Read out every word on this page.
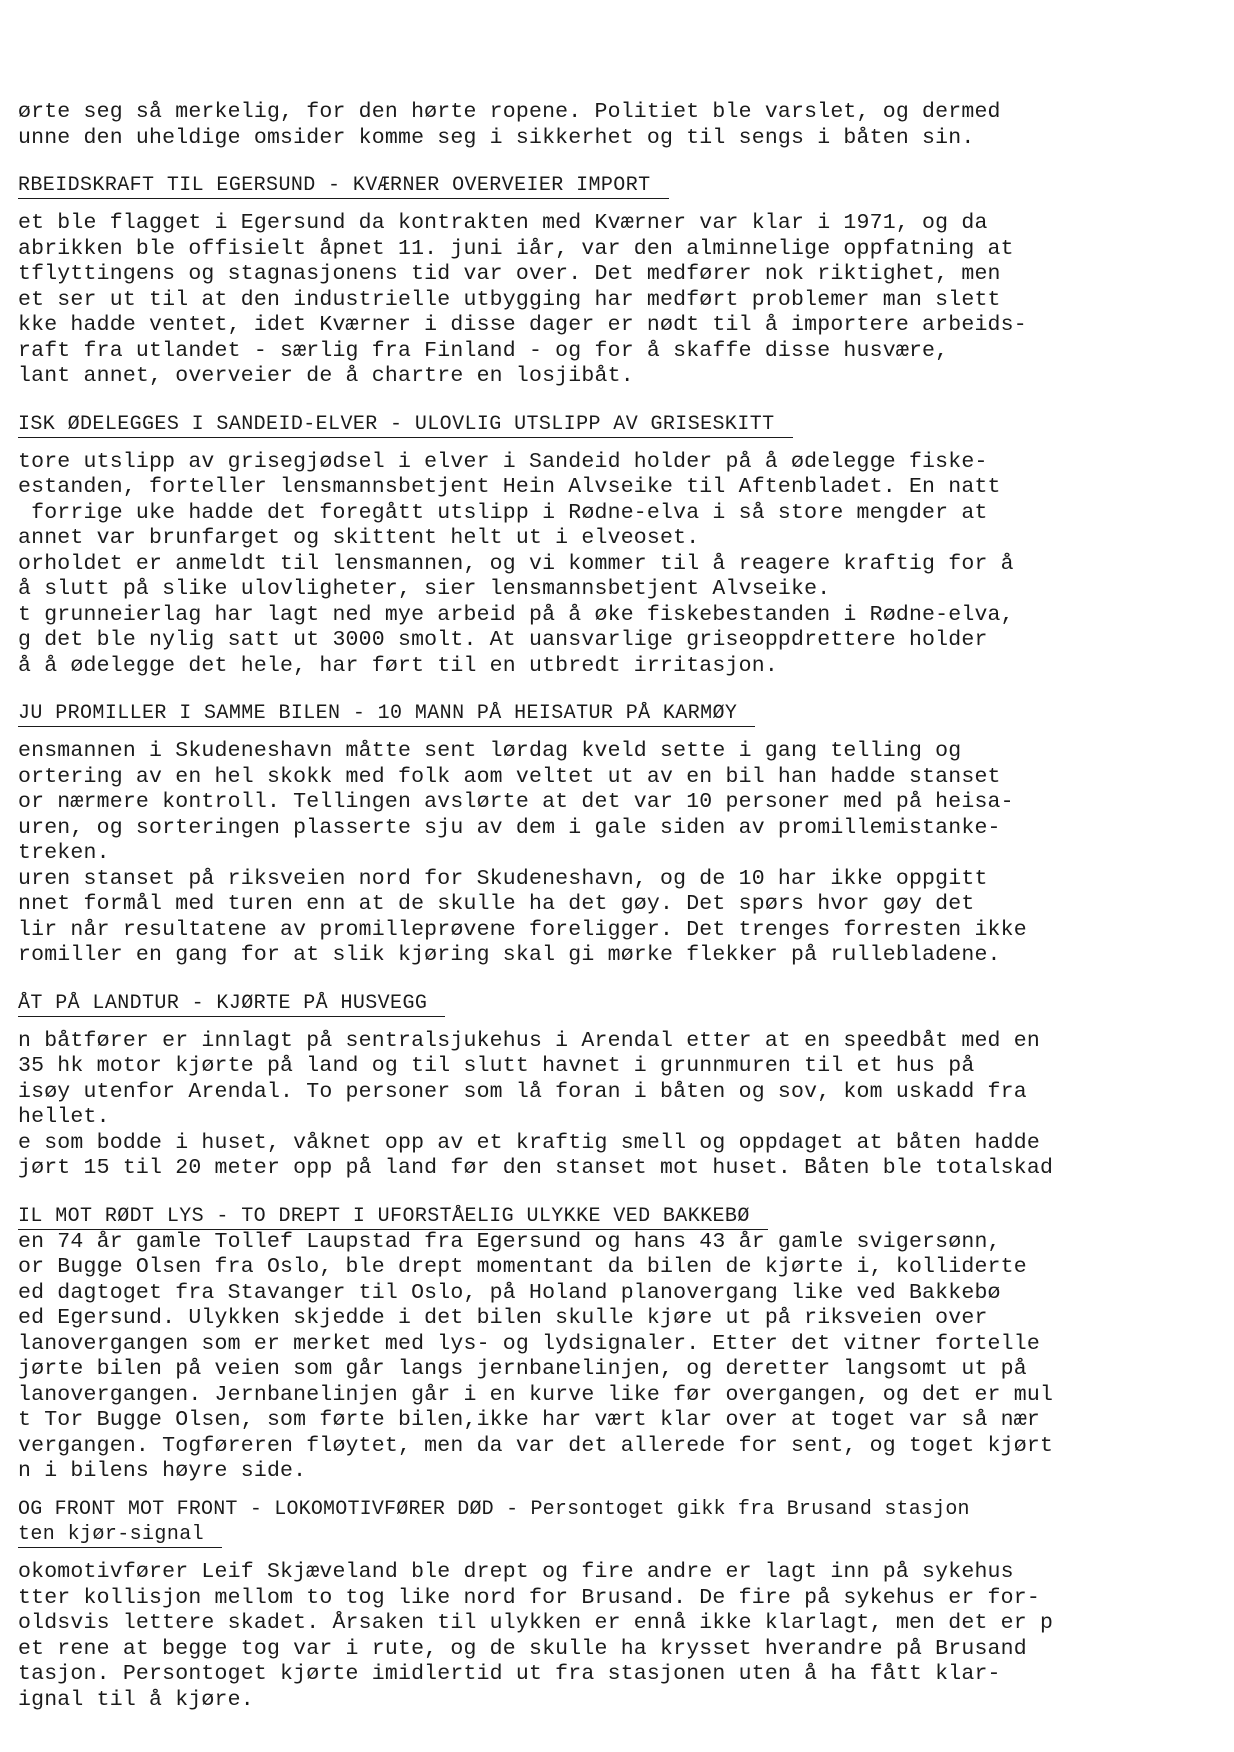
ørte seg så merkelig, for den hørte ropene. Politiet ble varslet, og dermed
unne den uheldige omsider komme seg i sikkerhet og til sengs i båten sin.
RBEIDSKRAFT TIL EGERSUND - KVÆRNER OVERVEIER IMPORT
et ble flagget i Egersund da kontrakten med Kværner var klar i 1971, og da
abrikken ble offisielt åpnet 11. juni iår, var den alminnelige oppfatning at
tflyttingens og stagnasjonens tid var over. Det medfører nok riktighet, men
et ser ut til at den industrielle utbygging har medført problemer man slett
kke hadde ventet, idet Kværner i disse dager er nødt til å importere arbeids-
raft fra utlandet - særlig fra Finland - og for å skaffe disse husvære,
lant annet, overveier de å chartre en losjibåt.
ISK ØDELEGGES I SANDEID-ELVER - ULOVLIG UTSLIPP AV GRISESKITT
tore utslipp av grisegjødsel i elver i Sandeid holder på å ødelegge fiske-
estanden, forteller lensmannsbetjent Hein Alvseike til Aftenbladet. En natt
forrige uke hadde det foregått utslipp i Rødne-elva i så store mengder at
annet var brunfarget og skittent helt ut i elveoset.
orholdet er anmeldt til lensmannen, og vi kommer til å reagere kraftig for å
å slutt på slike ulovligheter, sier lensmannsbetjent Alvseike.
t grunneierlag har lagt ned mye arbeid på å øke fiskebestanden i Rødne-elva,
g det ble nylig satt ut 3000 smolt. At uansvarlige griseoppdrettere holder
å å ødelegge det hele, har ført til en utbredt irritasjon.
JU PROMILLER I SAMME BILEN - 10 MANN PÅ HEISATUR PÅ KARMØY
ensmannen i Skudeneshavn måtte sent lørdag kveld sette i gang telling og
ortering av en hel skokk med folk aom veltet ut av en bil han hadde stanset
or nærmere kontroll. Tellingen avslørte at det var 10 personer med på heisa-
uren, og sorteringen plasserte sju av dem i gale siden av promillemistanke-
treken.
uren stanset på riksveien nord for Skudeneshavn, og de 10 har ikke oppgitt
nnet formål med turen enn at de skulle ha det gøy. Det spørs hvor gøy det
lir når resultatene av promilleprøvene foreligger. Det trenges forresten ikke
romiller en gang for at slik kjøring skal gi mørke flekker på rullebladene.
ÅT PÅ LANDTUR - KJØRTE PÅ HUSVEGG
n båtfører er innlagt på sentralsjukehus i Arendal etter at en speedbåt med en
35 hk motor kjørte på land og til slutt havnet i grunnmuren til et hus på
isøy utenfor Arendal. To personer som lå foran i båten og sov, kom uskadd fra
hellet.
e som bodde i huset, våknet opp av et kraftig smell og oppdaget at båten hadde
jørt 15 til 20 meter opp på land før den stanset mot huset. Båten ble totalskad
IL MOT RØDT LYS - TO DREPT I UFORSTÅELIG ULYKKE VED BAKKEBØ
en 74 år gamle Tollef Laupstad fra Egersund og hans 43 år gamle svigersønn,
or Bugge Olsen fra Oslo, ble drept momentant da bilen de kjørte i, kolliderte
ed dagtoget fra Stavanger til Oslo, på Holand planovergang like ved Bakkebø
ed Egersund. Ulykken skjedde i det bilen skulle kjøre ut på riksveien over
lanovergangen som er merket med lys- og lydsignaler. Etter det vitner fortelle
jørte bilen på veien som går langs jernbanelinjen, og deretter langsomt ut på
lanovergangen. Jernbanelinjen går i en kurve like før overgangen, og det er mul
t Tor Bugge Olsen, som førte bilen,ikke har vært klar over at toget var så nær
vergangen. Togføreren fløytet, men da var det allerede for sent, og toget kjørt
n i bilens høyre side.
OG FRONT MOT FRONT - LOKOMOTIVFØRER DØD - Persontoget gikk fra Brusand stasjon
ten kjør-signal
okomotivfører Leif Skjæveland ble drept og fire andre er lagt inn på sykehus
tter kollisjon mellom to tog like nord for Brusand. De fire på sykehus er for-
oldsvis lettere skadet. Årsaken til ulykken er ennå ikke klarlagt, men det er p
et rene at begge tog var i rute, og de skulle ha krysset hverandre på Brusand
tasjon. Persontoget kjørte imidlertid ut fra stasjonen uten å ha fått klar-
ignal til å kjøre.
